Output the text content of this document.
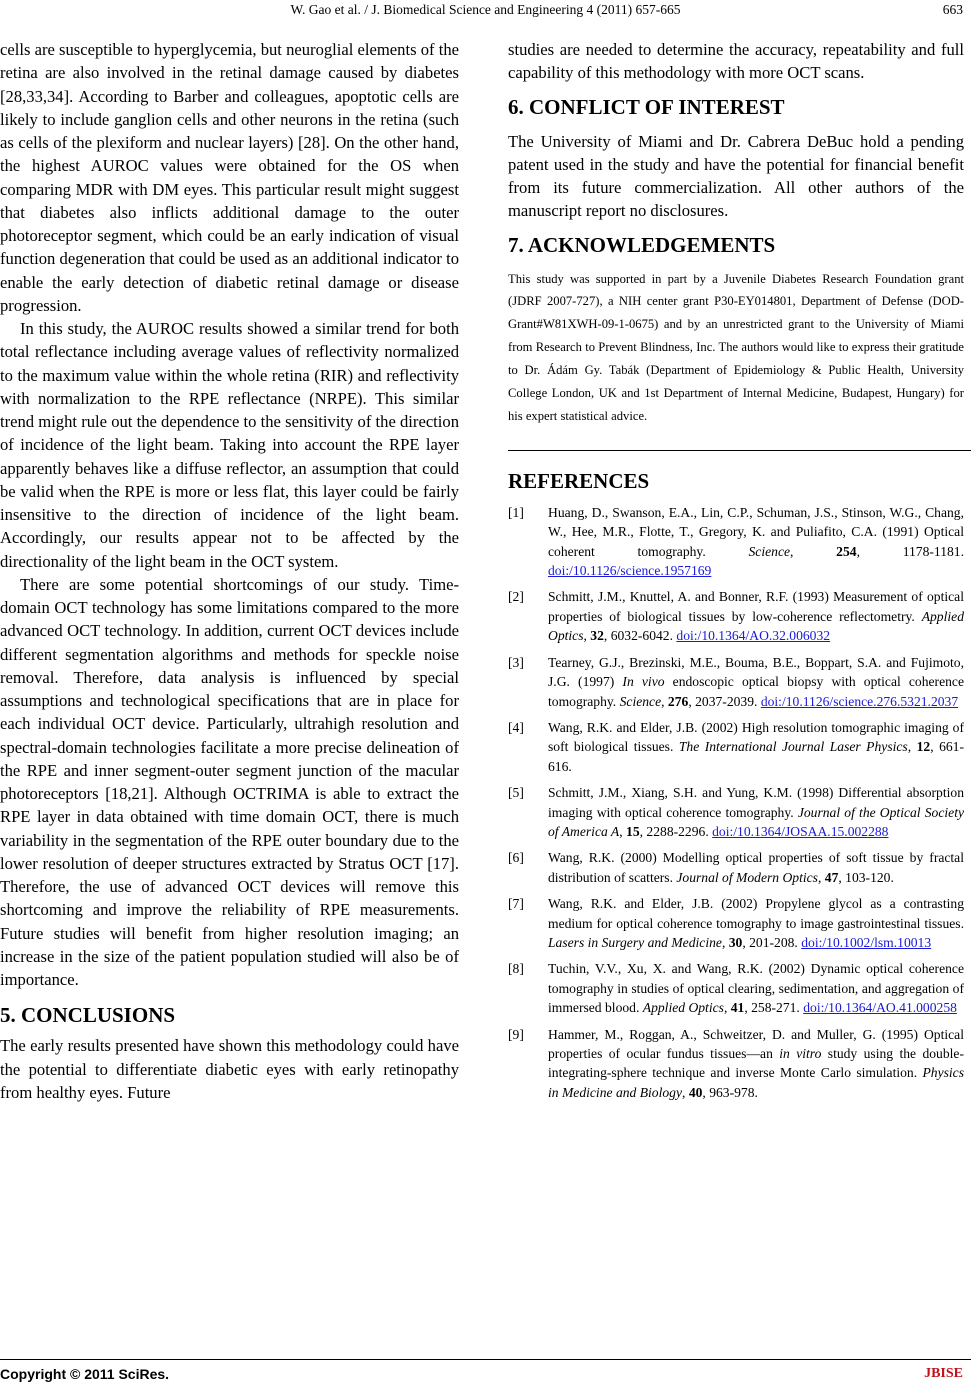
W. Gao et al. / J. Biomedical Science and Engineering 4 (2011) 657-665	663

cells are susceptible to hyperglycemia, but neuroglial elements of the retina are also involved in the retinal damage caused by diabetes [28,33,34]. According to Barber and colleagues, apoptotic cells are likely to include ganglion cells and other neurons in the retina (such as cells of the plexiform and nuclear layers) [28]. On the other hand, the highest AUROC values were obtained for the OS when comparing MDR with DM eyes. This particular result might suggest that diabetes also inflicts additional damage to the outer photoreceptor segment, which could be an early indication of visual function degeneration that could be used as an additional indicator to enable the early detection of diabetic retinal damage or disease progression.

In this study, the AUROC results showed a similar trend for both total reflectance including average values of reflectivity normalized to the maximum value within the whole retina (RIR) and reflectivity with normalization to the RPE reflectance (NRPE). This similar trend might rule out the dependence to the sensitivity of the direction of incidence of the light beam. Taking into account the RPE layer apparently behaves like a diffuse reflector, an assumption that could be valid when the RPE is more or less flat, this layer could be fairly insensitive to the direction of incidence of the light beam. Accordingly, our results appear not to be affected by the directionality of the light beam in the OCT system.

There are some potential shortcomings of our study. Time-domain OCT technology has some limitations compared to the more advanced OCT technology. In addition, current OCT devices include different segmentation algorithms and methods for speckle noise removal. Therefore, data analysis is influenced by special assumptions and technological specifications that are in place for each individual OCT device. Particularly, ultrahigh resolution and spectral-domain technologies facilitate a more precise delineation of the RPE and inner segment-outer segment junction of the macular photoreceptors [18,21]. Although OCTRIMA is able to extract the RPE layer in data obtained with time domain OCT, there is much variability in the segmentation of the RPE outer boundary due to the lower resolution of deeper structures extracted by Stratus OCT [17]. Therefore, the use of advanced OCT devices will remove this shortcoming and improve the reliability of RPE measurements. Future studies will benefit from higher resolution imaging; an increase in the size of the patient population studied will also be of importance.

5. CONCLUSIONS

The early results presented have shown this methodology could have the potential to differentiate diabetic eyes with early retinopathy from healthy eyes. Future

studies are needed to determine the accuracy, repeatability and full capability of this methodology with more OCT scans.

6. CONFLICT OF INTEREST

The University of Miami and Dr. Cabrera DeBuc hold a pending patent used in the study and have the potential for financial benefit from its future commercialization. All other authors of the manuscript report no disclosures.

7. ACKNOWLEDGEMENTS

This study was supported in part by a Juvenile Diabetes Research Foundation grant (JDRF 2007-727), a NIH center grant P30-EY014801, Department of Defense (DOD-Grant#W81XWH-09-1-0675) and by an unrestricted grant to the University of Miami from Research to Prevent Blindness, Inc. The authors would like to express their gratitude to Dr. Ádám Gy. Tabák (Department of Epidemiology & Public Health, University College London, UK and 1st Department of Internal Medicine, Budapest, Hungary) for his expert statistical advice.

REFERENCES
[1]	Huang, D., Swanson, E.A., Lin, C.P., Schuman, J.S., Stinson, W.G., Chang, W., Hee, M.R., Flotte, T., Gregory, K. and Puliafito, C.A. (1991) Optical coherent tomography. Science, 254, 1178-1181. doi:/10.1126/science.1957169
[2]	Schmitt, J.M., Knuttel, A. and Bonner, R.F. (1993) Measurement of optical properties of biological tissues by low-coherence reflectometry. Applied Optics, 32, 6032-6042. doi:/10.1364/AO.32.006032
[3]	Tearney, G.J., Brezinski, M.E., Bouma, B.E., Boppart, S.A. and Fujimoto, J.G. (1997) In vivo endoscopic optical biopsy with optical coherence tomography. Science, 276, 2037-2039. doi:/10.1126/science.276.5321.2037
[4]	Wang, R.K. and Elder, J.B. (2002) High resolution tomographic imaging of soft biological tissues. The International Journal Laser Physics, 12, 661-616.
[5]	Schmitt, J.M., Xiang, S.H. and Yung, K.M. (1998) Differential absorption imaging with optical coherence tomography. Journal of the Optical Society of America A, 15, 2288-2296. doi:/10.1364/JOSAA.15.002288
[6]	Wang, R.K. (2000) Modelling optical properties of soft tissue by fractal distribution of scatters. Journal of Modern Optics, 47, 103-120.
[7]	Wang, R.K. and Elder, J.B. (2002) Propylene glycol as a contrasting medium for optical coherence tomography to image gastrointestinal tissues. Lasers in Surgery and Medicine, 30, 201-208. doi:/10.1002/lsm.10013
[8]	Tuchin, V.V., Xu, X. and Wang, R.K. (2002) Dynamic optical coherence tomography in studies of optical clearing, sedimentation, and aggregation of immersed blood. Applied Optics, 41, 258-271. doi:/10.1364/AO.41.000258
[9]	Hammer, M., Roggan, A., Schweitzer, D. and Muller, G. (1995) Optical properties of ocular fundus tissues—an in vitro study using the double-integrating-sphere technique and inverse Monte Carlo simulation. Physics in Medicine and Biology, 40, 963-978.
Copyright © 2011 SciRes.	JBISE
